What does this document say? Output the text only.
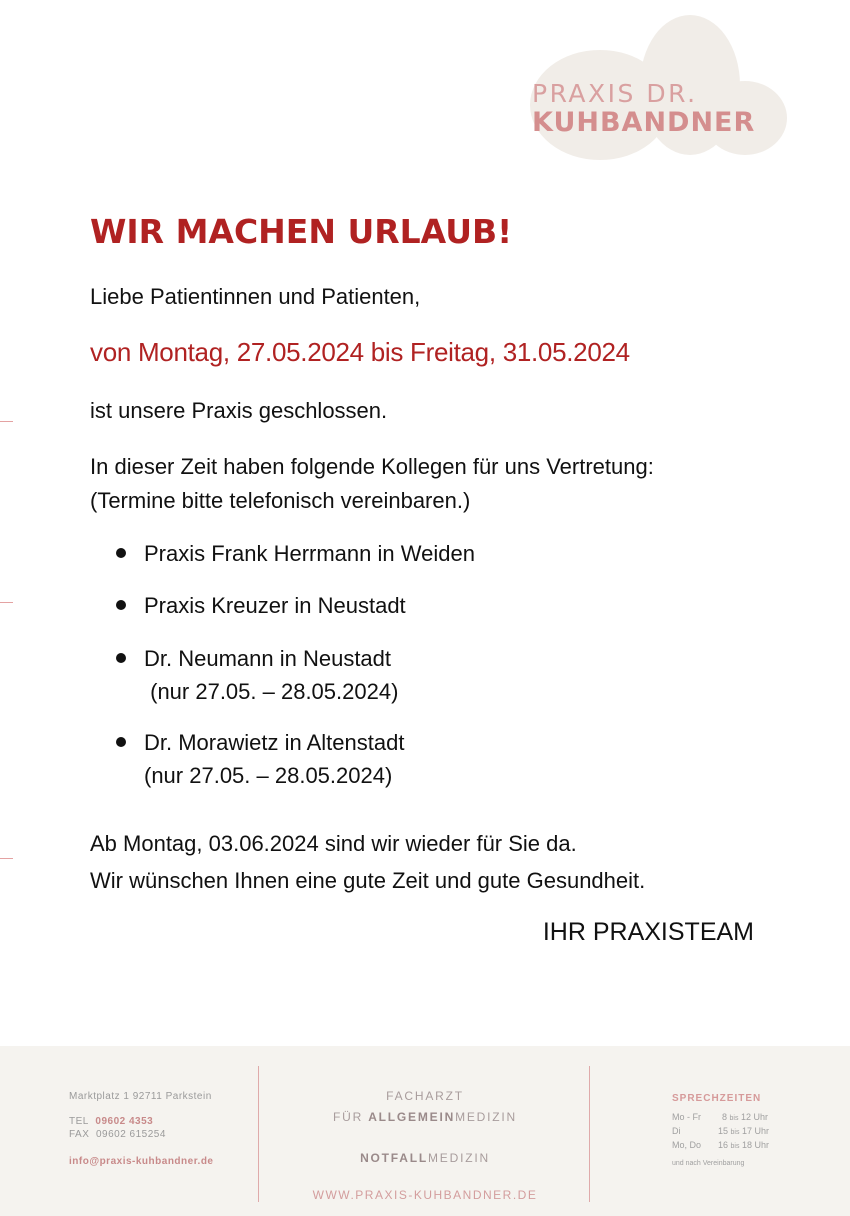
PRAXIS DR.
KUHBANDNER
WIR MACHEN URLAUB!
Liebe Patientinnen und Patienten,
von Montag, 27.05.2024 bis Freitag, 31.05.2024
ist unsere Praxis geschlossen.
In dieser Zeit haben folgende Kollegen für uns Vertretung:
(Termine bitte telefonisch vereinbaren.)
Praxis Frank Herrmann in Weiden
Praxis Kreuzer in Neustadt
Dr. Neumann in Neustadt
(nur 27.05. – 28.05.2024)
Dr. Morawietz in Altenstadt
(nur 27.05. – 28.05.2024)
Ab Montag, 03.06.2024 sind wir wieder für Sie da.
Wir wünschen Ihnen eine gute Zeit und gute Gesundheit.
IHR PRAXISTEAM
Marktplatz 1 92711 Parkstein
TEL 09602 4353
FAX 09602 615254
info@praxis-kuhbandner.de
FACHARZT
FÜR ALLGEMEINMEDIZIN
NOTFALLMEDIZIN
WWW.PRAXIS-KUHBANDNER.DE
SPRECHZEITEN
Mo - Fr	8 bis 12 Uhr
Di	15 bis 17 Uhr
Mo, Do	16 bis 18 Uhr
und nach Vereinbarung
